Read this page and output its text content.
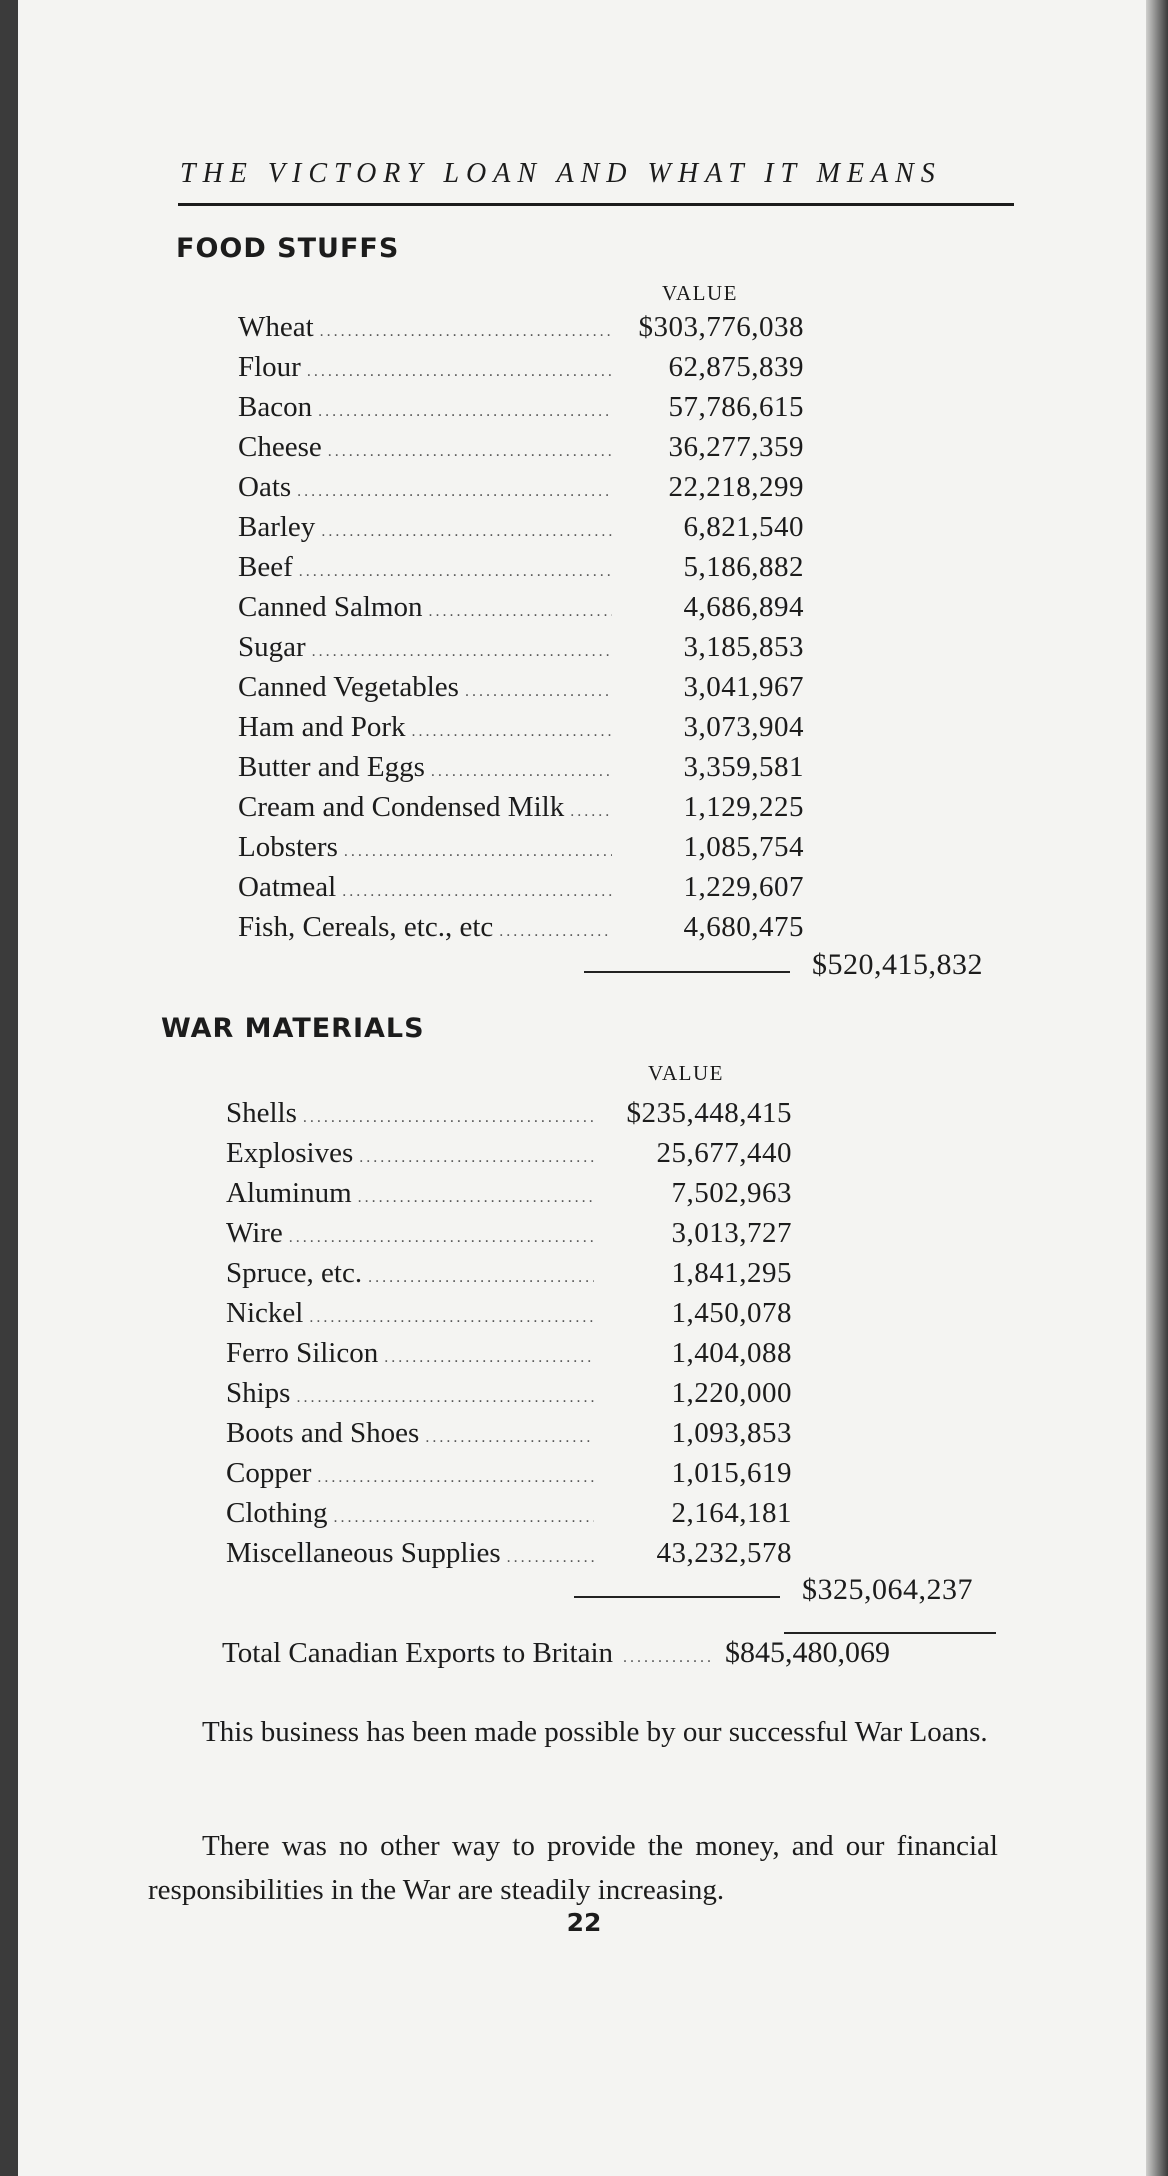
THE VICTORY LOAN AND WHAT IT MEANS
FOOD STUFFS
VALUE
Wheat .....	$303,776,038
Flour .....	62,875,839
Bacon .....	57,786,615
Cheese .....	36,277,359
Oats .....	22,218,299
Barley .....	6,821,540
Beef .....	5,186,882
Canned Salmon .....	4,686,894
Sugar .....	3,185,853
Canned Vegetables .....	3,041,967
Ham and Pork .....	3,073,904
Butter and Eggs .....	3,359,581
Cream and Condensed Milk .....	1,129,225
Lobsters .....	1,085,754
Oatmeal .....	1,229,607
Fish, Cereals, etc., etc .....	4,680,475
$520,415,832
WAR MATERIALS
VALUE
Shells .....	$235,448,415
Explosives .....	25,677,440
Aluminum .....	7,502,963
Wire .....	3,013,727
Spruce, etc. .....	1,841,295
Nickel .....	1,450,078
Ferro Silicon .....	1,404,088
Ships .....	1,220,000
Boots and Shoes .....	1,093,853
Copper .....	1,015,619
Clothing .....	2,164,181
Miscellaneous Supplies .....	43,232,578
$325,064,237
Total Canadian Exports to Britain .....	$845,480,069
This business has been made possible by our successful War Loans.
There was no other way to provide the money, and our financial responsibilities in the War are steadily increasing.
22
